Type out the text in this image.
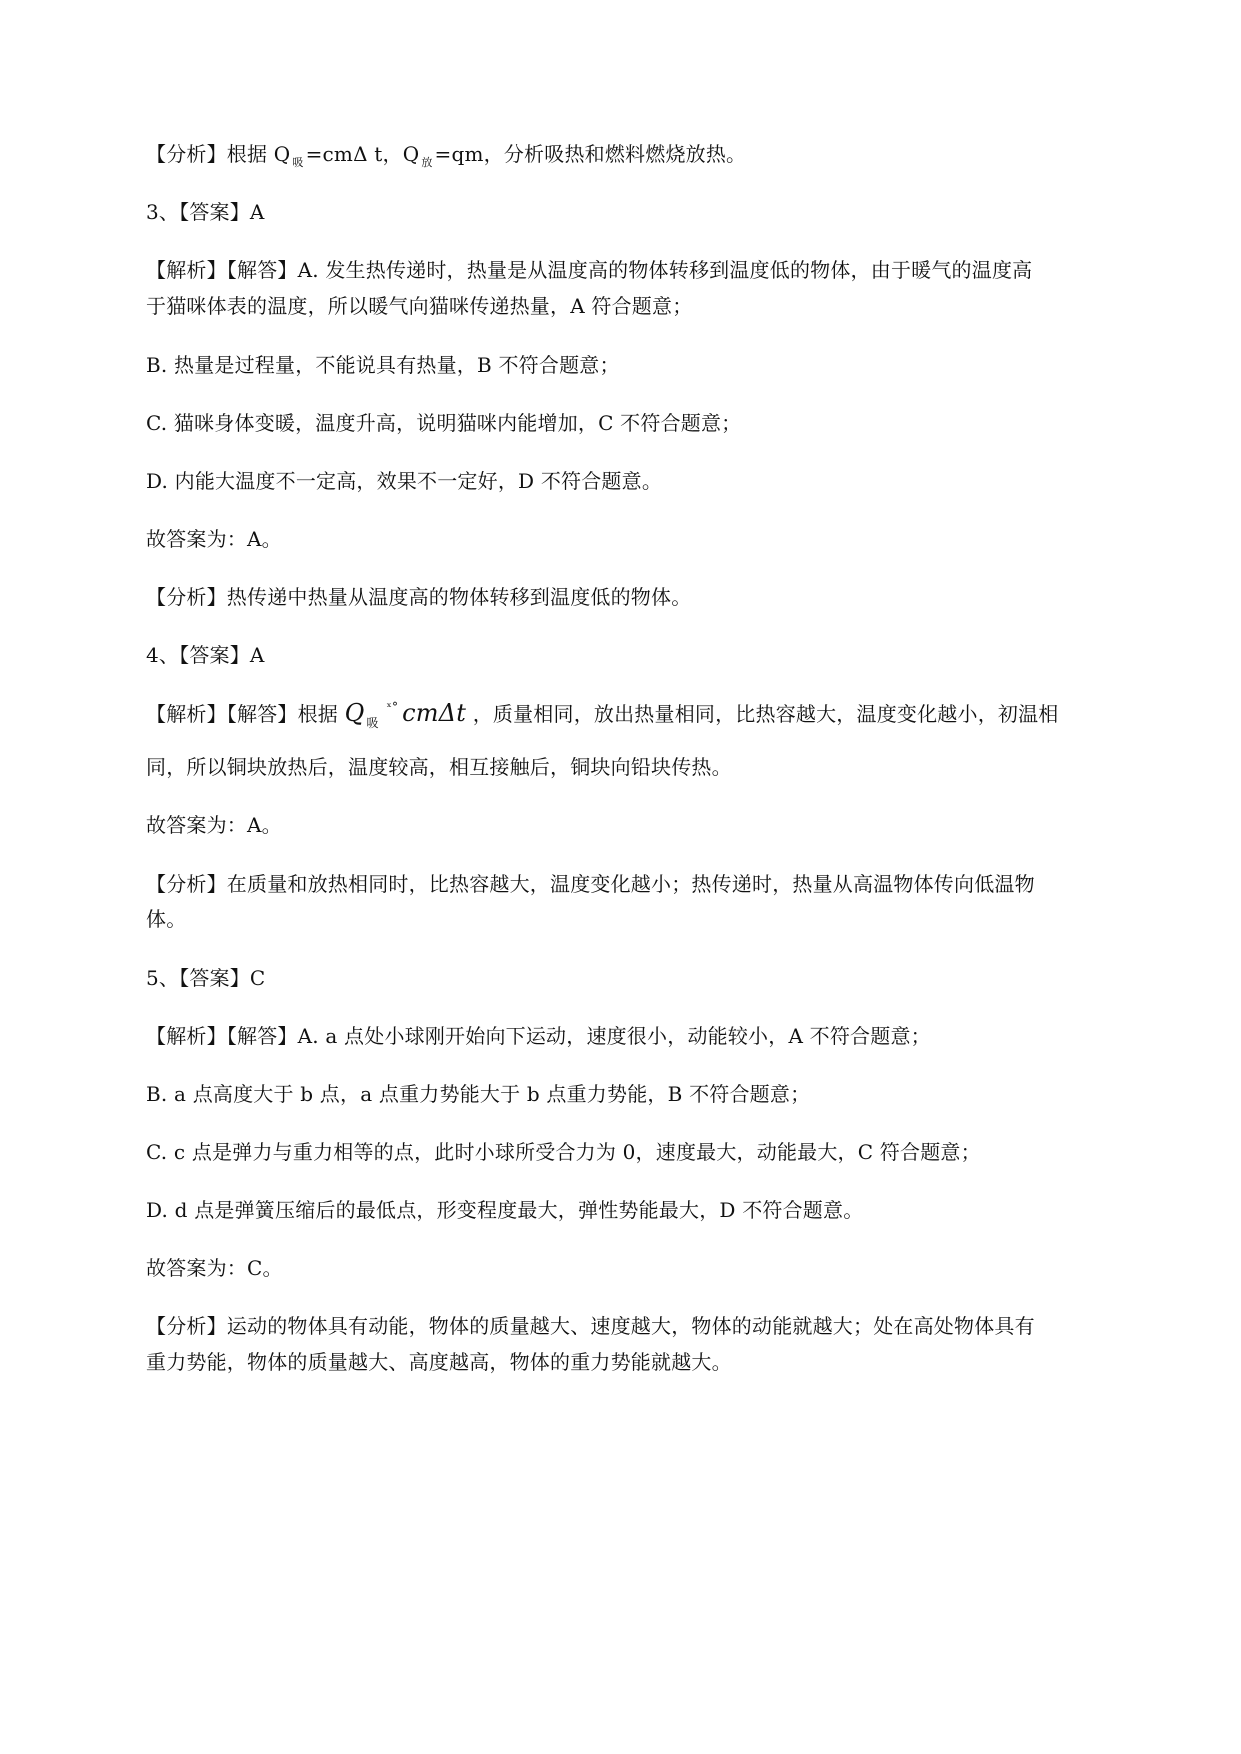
【分析】根据 Q $_吸$ =cmΔ t，Q $_放$ =qm，分析吸热和燃料燃烧放热。
3、【答案】A
【解析】【解答】A. 发生热传递时，热量是从温度高的物体转移到温度低的物体，由于暖气的温度高
于猫咪体表的温度，所以暖气向猫咪传递热量，A 符合题意；
B. 热量是过程量，不能说具有热量，B 不符合题意；
C. 猫咪身体变暖，温度升高，说明猫咪内能增加，C 不符合题意；
D. 内能大温度不一定高，效果不一定好，D 不符合题意。
故答案为：A。
【分析】热传递中热量从温度高的物体转移到温度低的物体。
4、【答案】A
【解析】【解答】根据 Q $_吸^{ˣ^\circ}$ cmΔt ，质量相同，放出热量相同，比热容越大，温度变化越小，初温相
同，所以铜块放热后，温度较高，相互接触后，铜块向铅块传热。
故答案为：A。
【分析】在质量和放热相同时，比热容越大，温度变化越小；热传递时，热量从高温物体传向低温物
体。
5、【答案】C
【解析】【解答】A. a 点处小球刚开始向下运动，速度很小，动能较小，A 不符合题意；
B. a 点高度大于 b 点，a 点重力势能大于 b 点重力势能，B 不符合题意；
C. c 点是弹力与重力相等的点，此时小球所受合力为 0，速度最大，动能最大，C 符合题意；
D. d 点是弹簧压缩后的最低点，形变程度最大，弹性势能最大，D 不符合题意。
故答案为：C。
【分析】运动的物体具有动能，物体的质量越大、速度越大，物体的动能就越大；处在高处物体具有
重力势能，物体的质量越大、高度越高，物体的重力势能就越大。
